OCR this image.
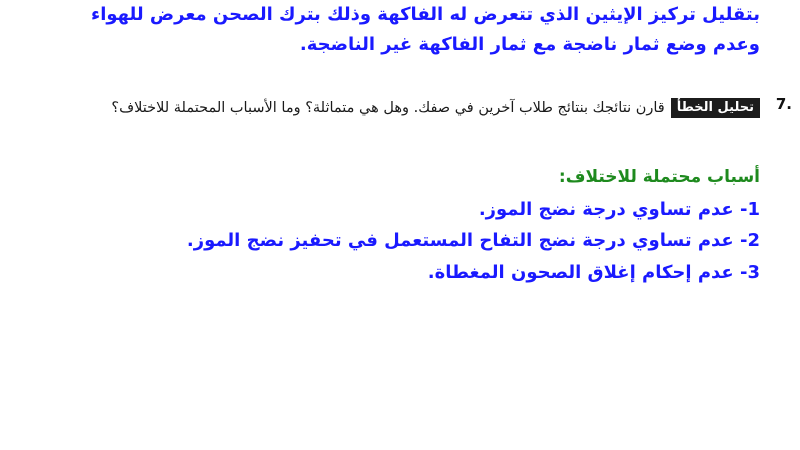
بتقليل تركيز الإيثين الذي تتعرض له الفاكهة وذلك بترك الصحن معرض للهواء
وعدم وضع ثمار ناضجة مع ثمار الفاكهة غير الناضجة.
7.
تحليل الخطأقارن نتائجك بنتائج طلاب آخرين في صفك. وهل هي متماثلة؟ وما الأسباب المحتملة للاختلاف؟
أسباب محتملة للاختلاف:
1- عدم تساوي درجة نضج الموز.
2- عدم تساوي درجة نضج التفاح المستعمل في تحفيز نضج الموز.
3- عدم إحكام إغلاق الصحون المغطاة.
